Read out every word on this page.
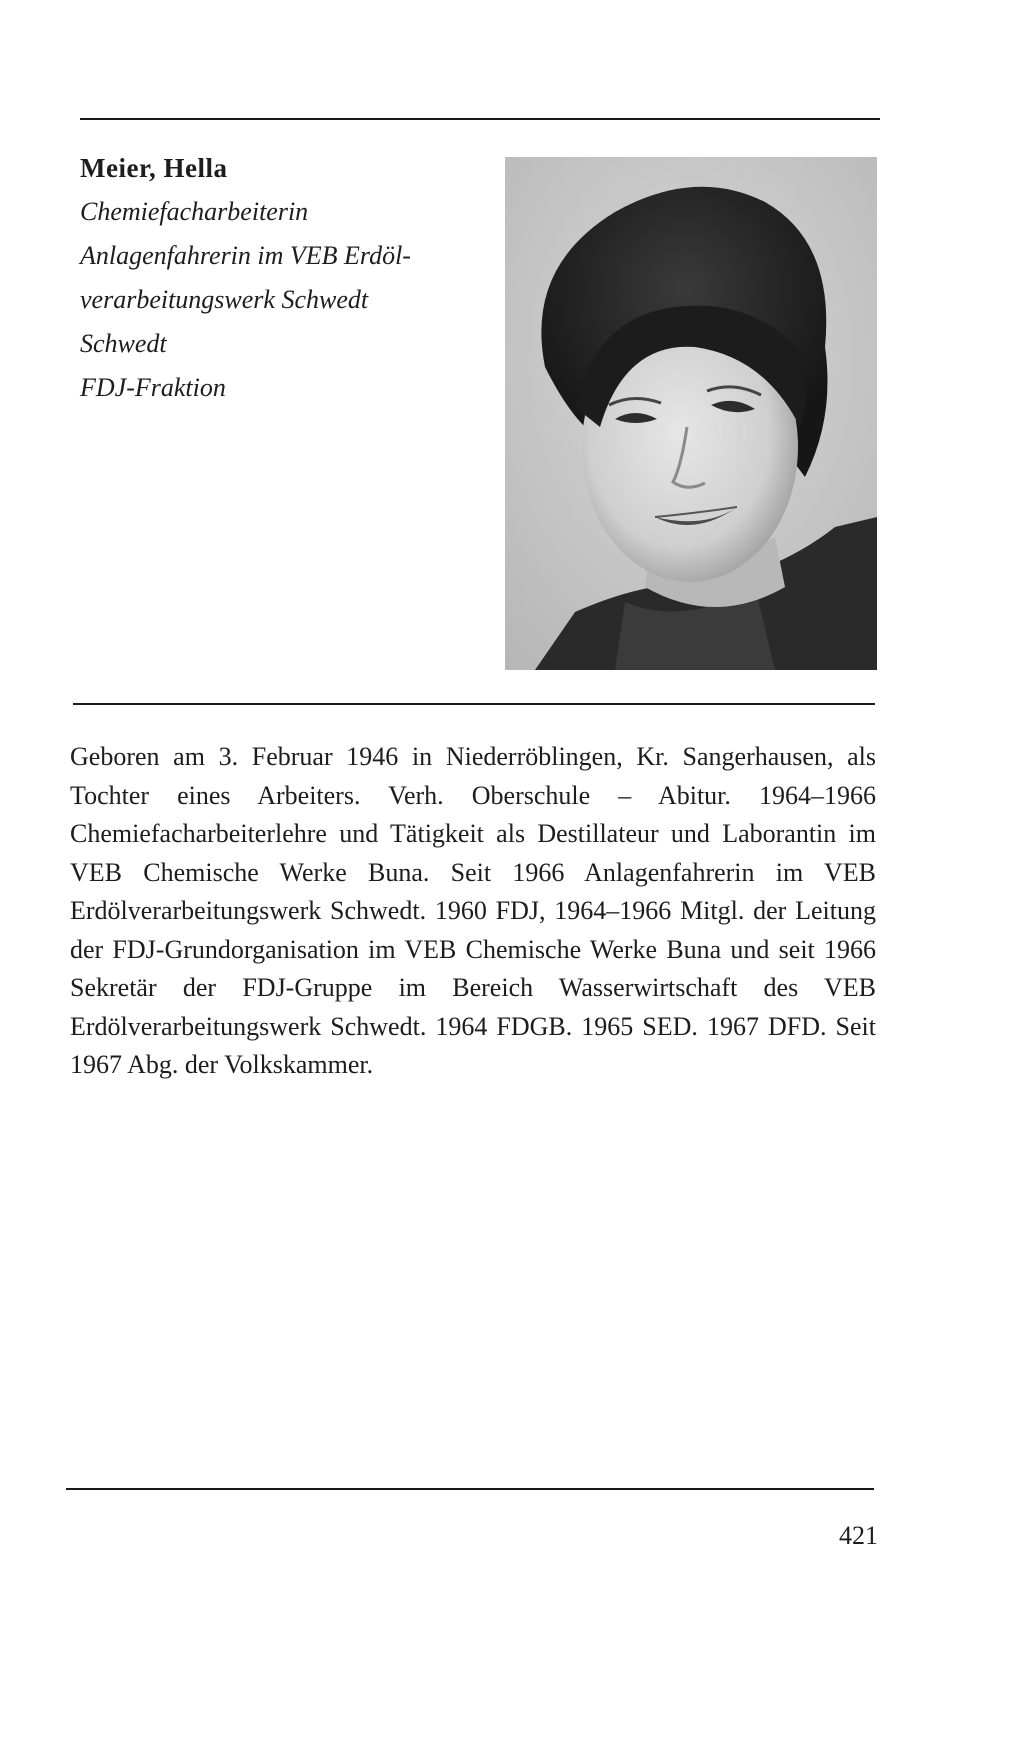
Meier, Hella

Chemiefacharbeiterin

Anlagenfahrerin im VEB Erdöl-

verarbeitungswerk Schwedt

Schwedt

FDJ-Fraktion

Geboren am 3. Februar 1946 in Niederröblingen, Kr. Sangerhausen, als Tochter eines Arbeiters. Verh. Oberschule – Abitur. 1964–1966 Chemiefacharbeiterlehre und Tätigkeit als Destillateur und Laborantin im VEB Chemische Werke Buna. Seit 1966 Anlagenfahrerin im VEB Erdölverarbeitungswerk Schwedt. 1960 FDJ, 1964–1966 Mitgl. der Leitung der FDJ-Grundorganisation im VEB Chemische Werke Buna und seit 1966 Sekretär der FDJ-Gruppe im Bereich Wasserwirtschaft des VEB Erdölverarbeitungswerk Schwedt. 1964 FDGB. 1965 SED. 1967 DFD. Seit 1967 Abg. der Volkskammer.

421
